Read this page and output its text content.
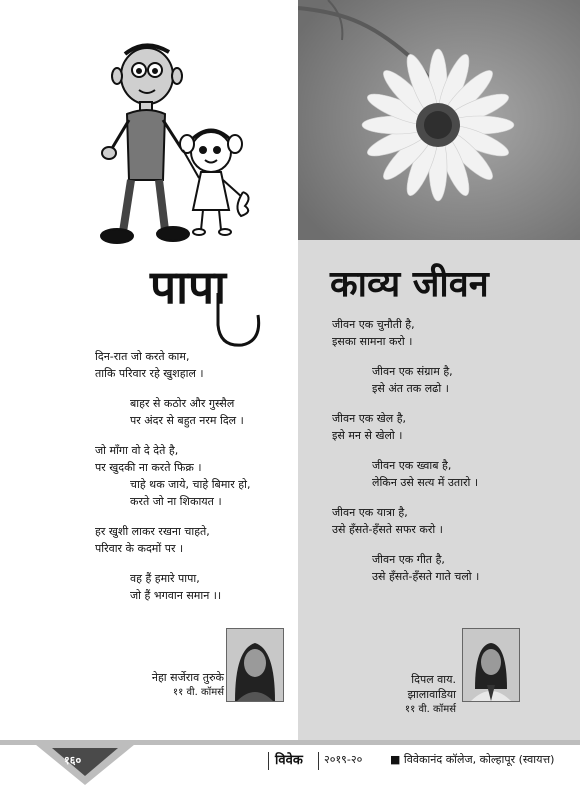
पापा	काव्य जीवन

दिन-रात जो करते काम,

ताकि परिवार रहे खुशहाल ।

बाहर से कठोर और गुस्सैल

पर अंदर से बहुत नरम दिल ।

जो माँगा वो दे देते है,

पर खुदकी ना करते फिक्र ।

चाहे थक जाये, चाहे बिमार हो,

करते जो ना शिकायत ।

हर खुशी लाकर रखना चाहते,

परिवार के कदमों पर ।

वह हैं हमारे पापा,

जो हैं भगवान समान ।।

जीवन एक चुनौती है,

इसका सामना करो ।

जीवन एक संग्राम है,

इसे अंत तक लढो ।

जीवन एक खेल है,

इसे मन से खेलो ।

जीवन एक ख्वाब है,

लेकिन उसे सत्य में उतारो ।

जीवन एक यात्रा है,

उसे हँसते-हँसते सफर करो ।

जीवन एक गीत है,

उसे हँसते-हँसते गाते चलो ।

नेहा सर्जेराव तुरुके
११ वी. कॉमर्स
दिपल वाय. झालावाडिया
११ वी. कॉमर्स
१६०	विवेक २०१९-२०	■ विवेकानंद कॉलेज, कोल्हापूर (स्वायत्त)
